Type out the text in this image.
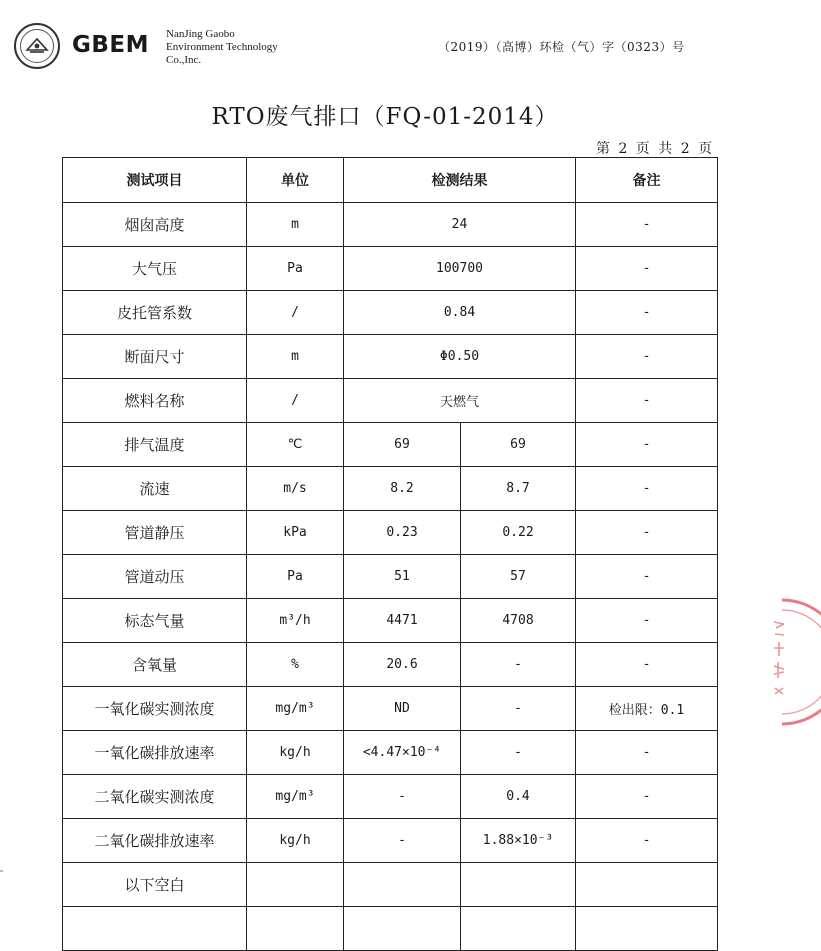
GBEM NanJing Gaobo
Environment Technology
Co.,Inc.
（2019）（高博）环检（气）字（0323）号
RTO废气排口（FQ-01-2014）
第 2 页 共 2 页
测试项目	单位	检测结果		备注
烟囱高度	m	24		-
大气压	Pa	100700		-
皮托管系数	/	0.84		-
断面尺寸	m	Φ0.50		-
燃料名称	/	天燃气		-
排气温度	℃	69	69	-
流速	m/s	8.2	8.7	-
管道静压	kPa	0.23	0.22	-
管道动压	Pa	51	57	-
标态气量	m³/h	4471	4708	-
含氧量	%	20.6	-	-
一氧化碳实测浓度	mg/m³	ND	-	检出限：0.1
一氧化碳排放速率	kg/h	<4.47×10⁻⁴	-	-
二氧化碳实测浓度	mg/m³	-	0.4	-
二氧化碳排放速率	kg/h	-	1.88×10⁻³	-
以下空白				
